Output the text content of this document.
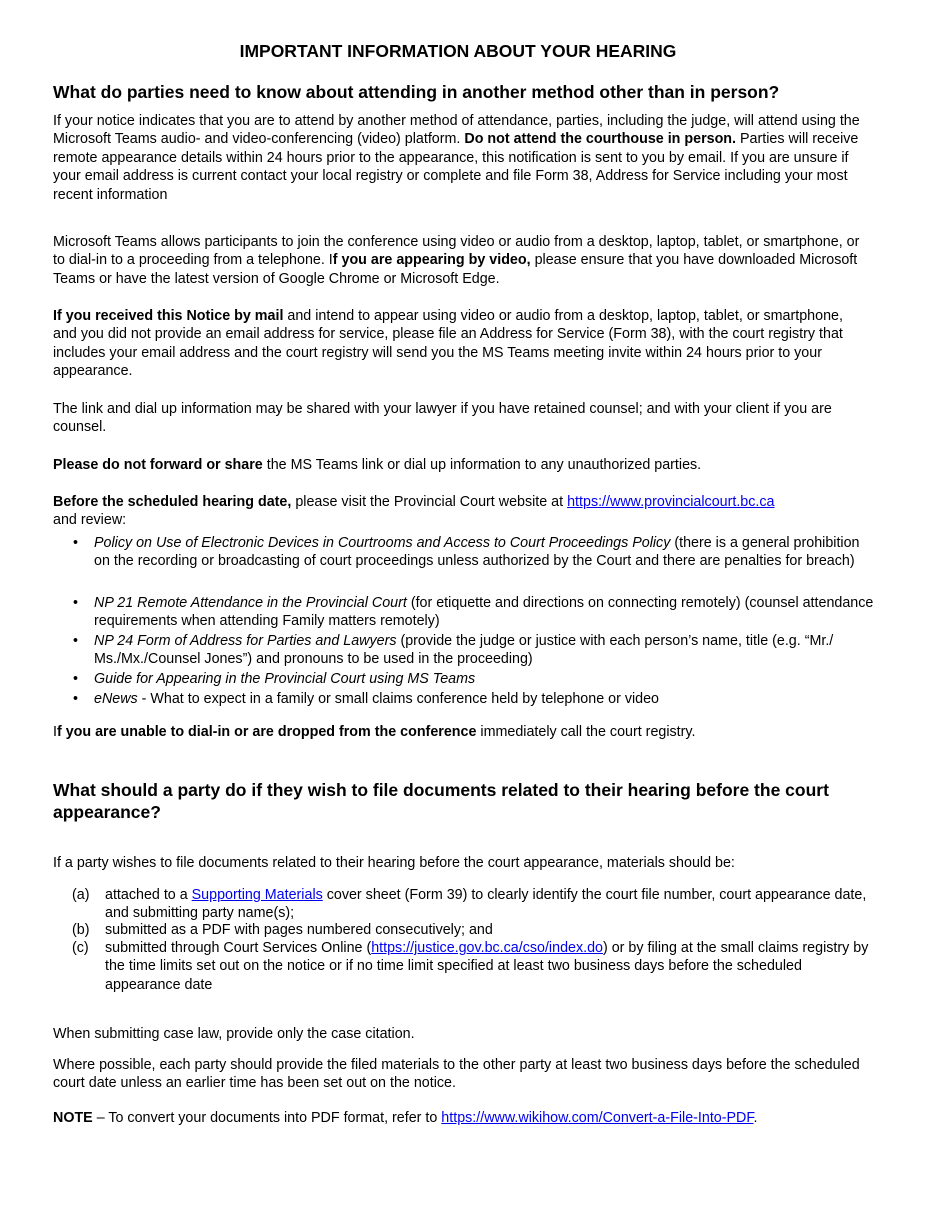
IMPORTANT INFORMATION ABOUT YOUR HEARING
What do parties need to know about attending in another method other than in person?
If your notice indicates that you are to attend by another method of attendance, parties, including the judge, will attend using the Microsoft Teams audio- and video-conferencing (video) platform. Do not attend the courthouse in person. Parties will receive remote appearance details within 24 hours prior to the appearance, this notification is sent to you by email. If you are unsure if your email address is current contact your local registry or complete and file Form 38, Address for Service including your most recent information
Microsoft Teams allows participants to join the conference using video or audio from a desktop, laptop, tablet, or smartphone, or to dial-in to a proceeding from a telephone. If you are appearing by video, please ensure that you have downloaded Microsoft Teams or have the latest version of Google Chrome or Microsoft Edge.
If you received this Notice by mail and intend to appear using video or audio from a desktop, laptop, tablet, or smartphone, and you did not provide an email address for service, please file an Address for Service (Form 38), with the court registry that includes your email address and the court registry will send you the MS Teams meeting invite within 24 hours prior to your appearance.
The link and dial up information may be shared with your lawyer if you have retained counsel; and with your client if you are counsel.
Please do not forward or share the MS Teams link or dial up information to any unauthorized parties.
Before the scheduled hearing date, please visit the Provincial Court website at https://www.provincialcourt.bc.ca
and review:
• Policy on Use of Electronic Devices in Courtrooms and Access to Court Proceedings Policy (there is a general prohibition on the recording or broadcasting of court proceedings unless authorized by the Court and there are penalties for breach)
• NP 21 Remote Attendance in the Provincial Court (for etiquette and directions on connecting remotely) (counsel attendance requirements when attending Family matters remotely)
• NP 24 Form of Address for Parties and Lawyers (provide the judge or justice with each person’s name, title (e.g. “Mr./ Ms./Mx./Counsel Jones”) and pronouns to be used in the proceeding)
• Guide for Appearing in the Provincial Court using MS Teams
• eNews - What to expect in a family or small claims conference held by telephone or video
If you are unable to dial-in or are dropped from the conference immediately call the court registry.
What should a party do if they wish to file documents related to their hearing before the court appearance?
If a party wishes to file documents related to their hearing before the court appearance, materials should be:
(a) attached to a Supporting Materials cover sheet (Form 39) to clearly identify the court file number, court appearance date, and submitting party name(s);
(b) submitted as a PDF with pages numbered consecutively; and
(c) submitted through Court Services Online (https://justice.gov.bc.ca/cso/index.do) or by filing at the small claims registry by the time limits set out on the notice or if no time limit specified at least two business days before the scheduled appearance date
When submitting case law, provide only the case citation.
Where possible, each party should provide the filed materials to the other party at least two business days before the scheduled court date unless an earlier time has been set out on the notice.
NOTE – To convert your documents into PDF format, refer to https://www.wikihow.com/Convert-a-File-Into-PDF.
